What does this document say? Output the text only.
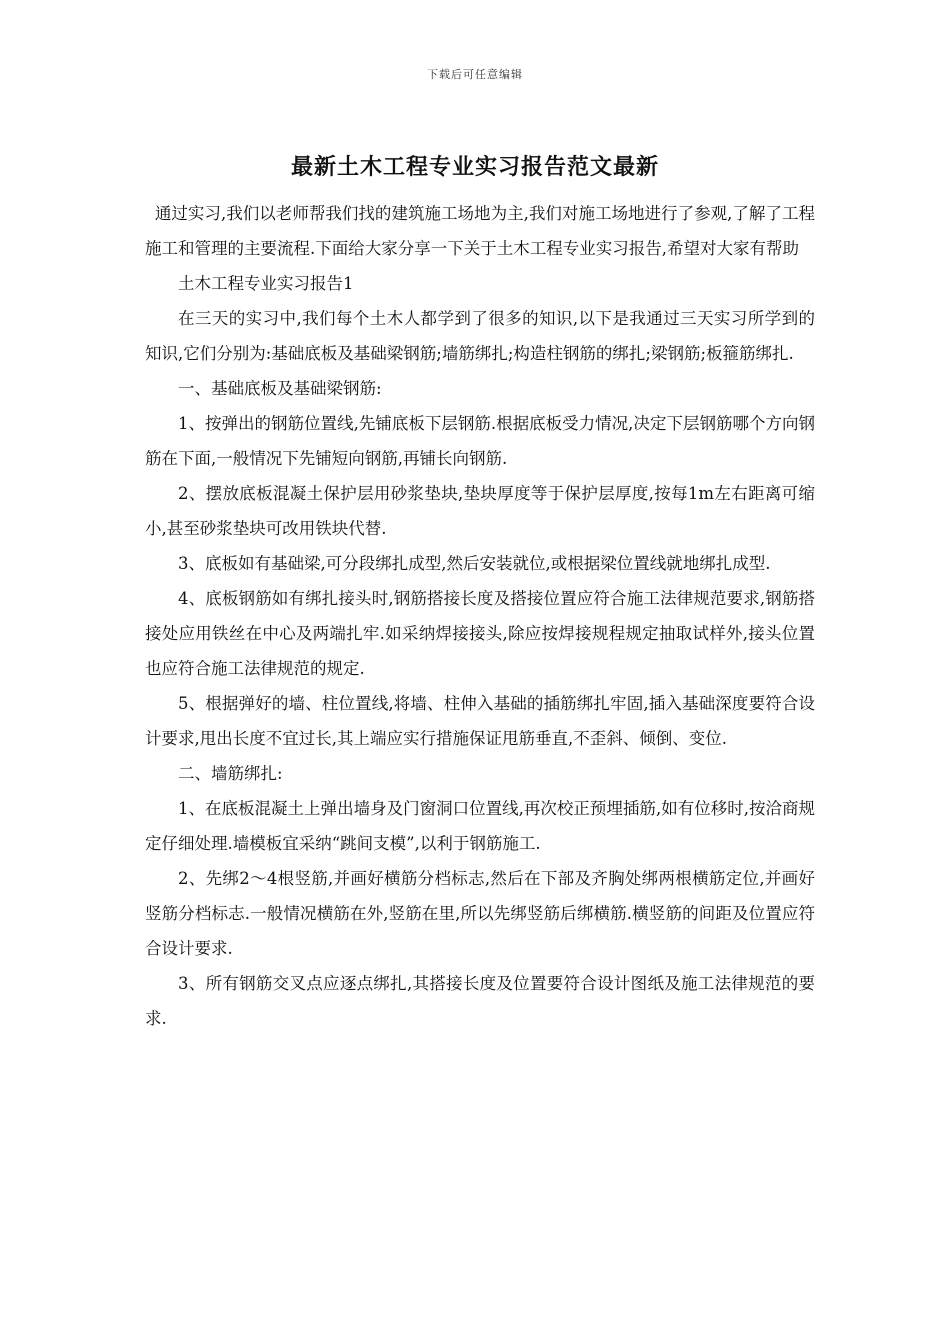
下载后可任意编辑
最新土木工程专业实习报告范文最新

通过实习,我们以老师帮我们找的建筑施工场地为主,我们对施工场地进行了参观,了解了工程施工和管理的主要流程.下面给大家分享一下关于土木工程专业实习报告,希望对大家有帮助

土木工程专业实习报告1

在三天的实习中,我们每个土木人都学到了很多的知识,以下是我通过三天实习所学到的知识,它们分别为:基础底板及基础梁钢筋;墙筋绑扎;构造柱钢筋的绑扎;梁钢筋;板箍筋绑扎.

一、基础底板及基础梁钢筋:

1、按弹出的钢筋位置线,先铺底板下层钢筋.根据底板受力情况,决定下层钢筋哪个方向钢筋在下面,一般情况下先铺短向钢筋,再铺长向钢筋.

2、摆放底板混凝土保护层用砂浆垫块,垫块厚度等于保护层厚度,按每1m左右距离可缩小,甚至砂浆垫块可改用铁块代替.

3、底板如有基础梁,可分段绑扎成型,然后安装就位,或根据梁位置线就地绑扎成型.

4、底板钢筋如有绑扎接头时,钢筋搭接长度及搭接位置应符合施工法律规范要求,钢筋搭接处应用铁丝在中心及两端扎牢.如采纳焊接接头,除应按焊接规程规定抽取试样外,接头位置也应符合施工法律规范的规定.

5、根据弹好的墙、柱位置线,将墙、柱伸入基础的插筋绑扎牢固,插入基础深度要符合设计要求,甩出长度不宜过长,其上端应实行措施保证甩筋垂直,不歪斜、倾倒、变位.

二、墙筋绑扎:

1、在底板混凝土上弹出墙身及门窗洞口位置线,再次校正预埋插筋,如有位移时,按洽商规定仔细处理.墙模板宜采纳“跳间支模”,以利于钢筋施工.

2、先绑2～4根竖筋,并画好横筋分档标志,然后在下部及齐胸处绑两根横筋定位,并画好竖筋分档标志.一般情况横筋在外,竖筋在里,所以先绑竖筋后绑横筋.横竖筋的间距及位置应符合设计要求.

3、所有钢筋交叉点应逐点绑扎,其搭接长度及位置要符合设计图纸及施工法律规范的要求.
